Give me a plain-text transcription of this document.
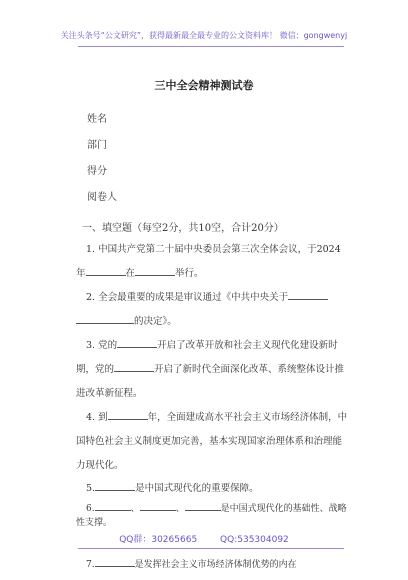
关注头条号“公文研究”，获得最新最全最专业的公文资料库！ 微信：gongwenyj
三中全会精神测试卷
姓名
部门
得分
阅卷人
一、填空题（每空2分，共10空，合计20分）
1. 中国共产党第二十届中央委员会第三次全体会议，于2024年	在	举行。
2. 全会最重要的成果是审议通过《中共中央关于的决定》。
3. 党的	开启了改革开放和社会主义现代化建设新时期，党的	开启了新时代全面深化改革、系统整体设计推进改革新征程。
4. 到	年，全面建成高水平社会主义市场经济体制，中国特色社会主义制度更加完善，基本实现国家治理体系和治理能力现代化。
5.	是中国式现代化的重要保障。
6.	、	、	是中国式现代化的基础性、战略性支撑。
7.	是发挥社会主义市场经济体制优势的内在
QQ群：30265665	QQ:535304092
